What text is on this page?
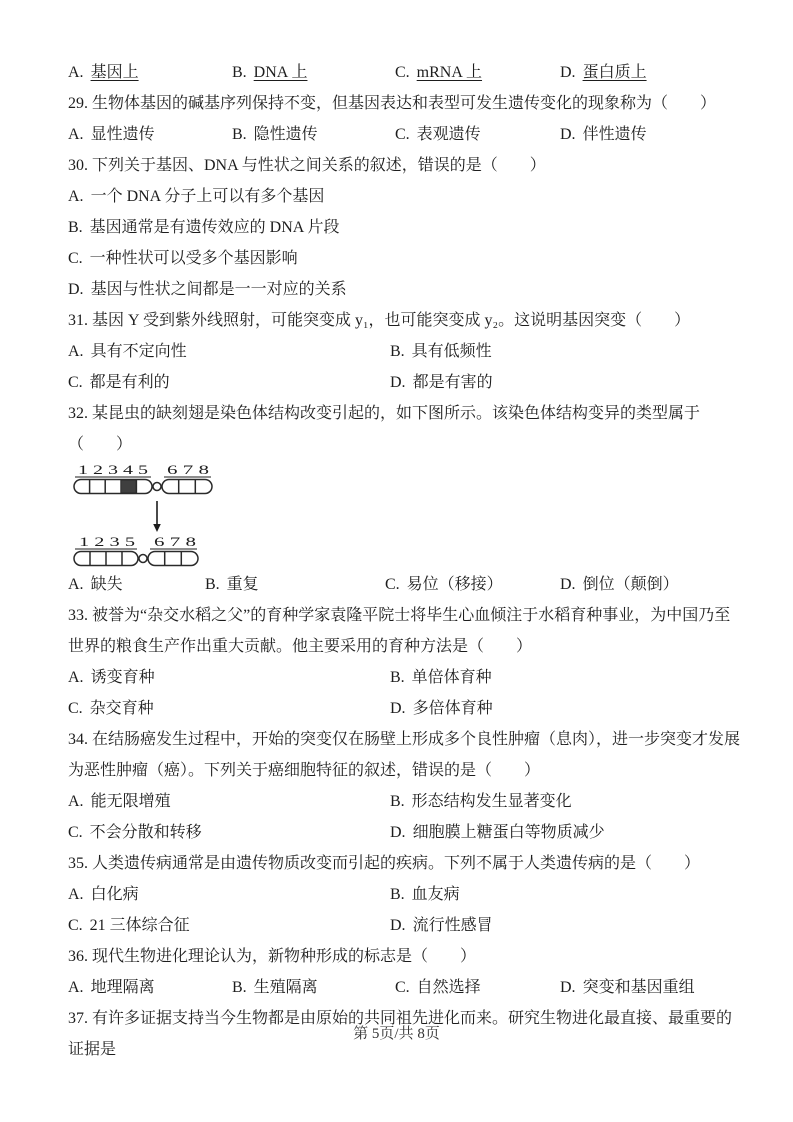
A. 基因上	B. DNA 上	C. mRNA 上	D. 蛋白质上

29. 生物体基因的碱基序列保持不变，但基因表达和表型可发生遗传变化的现象称为（　　）

A. 显性遗传	B. 隐性遗传	C. 表观遗传	D. 伴性遗传

30. 下列关于基因、DNA 与性状之间关系的叙述，错误的是（　　）

A. 一个 DNA 分子上可以有多个基因

B. 基因通常是有遗传效应的 DNA 片段

C. 一种性状可以受多个基因影响

D. 基因与性状之间都是一一对应的关系

31. 基因 Y 受到紫外线照射，可能突变成 y₁，也可能突变成 y₂。这说明基因突变（　　）

A. 具有不定向性	B. 具有低频性
C. 都是有利的	D. 都是有害的

32. 某昆虫的缺刻翅是染色体结构改变引起的，如下图所示。该染色体结构变异的类型属于（　　）

1 2 3 4 5 6 7 8
1 2 3 5 6 7 8
A. 缺失	B. 重复	C. 易位（移接）	D. 倒位（颠倒）

33. 被誉为“杂交水稻之父”的育种学家袁隆平院士将毕生心血倾注于水稻育种事业，为中国乃至世界的粮食生产作出重大贡献。他主要采用的育种方法是（　　）

A. 诱变育种	B. 单倍体育种
C. 杂交育种	D. 多倍体育种

34. 在结肠癌发生过程中，开始的突变仅在肠壁上形成多个良性肿瘤（息肉），进一步突变才发展为恶性肿瘤（癌）。下列关于癌细胞特征的叙述，错误的是（　　）

A. 能无限增殖	B. 形态结构发生显著变化
C. 不会分散和转移	D. 细胞膜上糖蛋白等物质减少

35. 人类遗传病通常是由遗传物质改变而引起的疾病。下列不属于人类遗传病的是（　　）

A. 白化病	B. 血友病
C. 21 三体综合征	D. 流行性感冒

36. 现代生物进化理论认为，新物种形成的标志是（　　）

A. 地理隔离	B. 生殖隔离	C. 自然选择	D. 突变和基因重组

37. 有许多证据支持当今生物都是由原始的共同祖先进化而来。研究生物进化最直接、最重要的证据是

第 5页/共 8页
